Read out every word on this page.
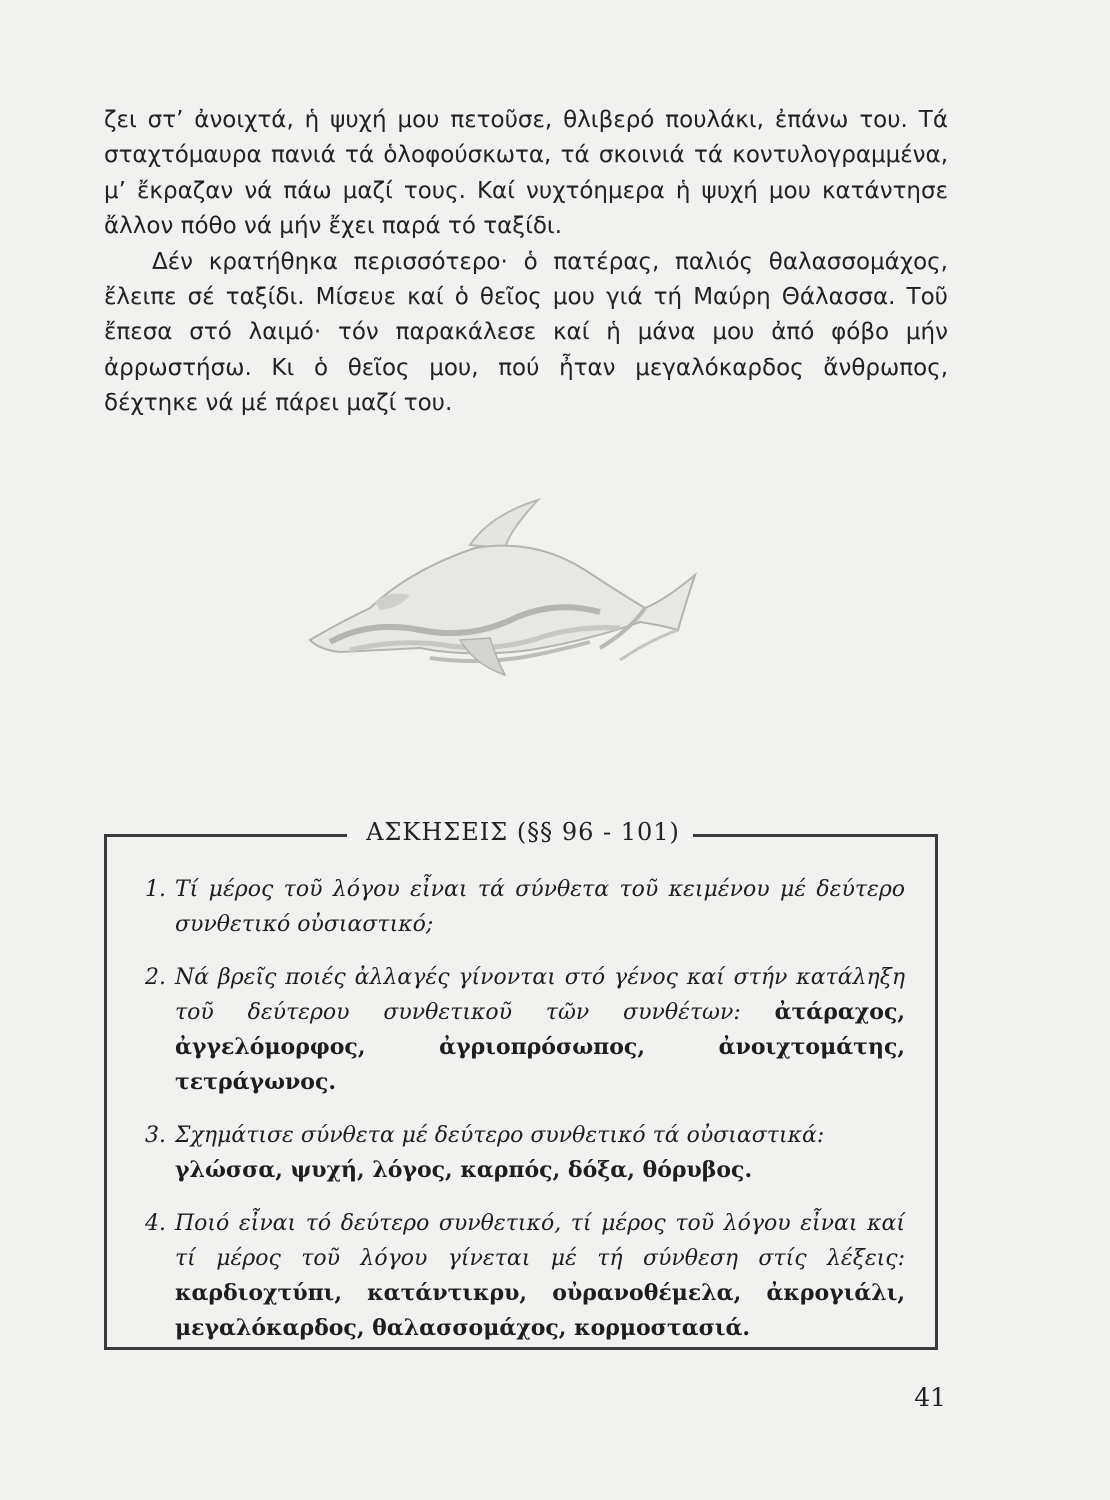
ζει στ’ ἀνοιχτά, ἡ ψυχή μου πετοῦσε, θλιβερό πουλάκι, ἐπάνω του. Τά σταχτόμαυρα πανιά τά ὁλοφούσκωτα, τά σκοινιά τά κοντυλογραμμένα, μ’ ἔκραζαν νά πάω μαζί τους. Καί νυχτόημερα ἡ ψυχή μου κατάντησε ἄλλον πόθο νά μήν ἔχει παρά τό ταξίδι.

Δέν κρατήθηκα περισσότερο· ὁ πατέρας, παλιός θαλασσομάχος, ἔλειπε σέ ταξίδι. Μίσευε καί ὁ θεῖος μου γιά τή Μαύρη Θάλασσα. Τοῦ ἔπεσα στό λαιμό· τόν παρακάλεσε καί ἡ μάνα μου ἀπό φόβο μήν ἀρρωστήσω. Κι ὁ θεῖος μου, πού ἦταν μεγαλόκαρδος ἄνθρωπος, δέχτηκε νά μέ πάρει μαζί του.

ΑΣΚΗΣΕΙΣ (§§ 96 - 101)
1. Τί μέρος τοῦ λόγου εἶναι τά σύνθετα τοῦ κειμένου μέ δεύτερο συνθετικό οὐσιαστικό;
2. Νά βρεῖς ποιές ἀλλαγές γίνονται στό γένος καί στήν κατάληξη τοῦ δεύτερου συνθετικοῦ τῶν συνθέτων: ἀτάραχος, ἀγγελόμορφος, ἀγριοπρόσωπος, ἀνοιχτομάτης, τετράγωνος.
3. Σχημάτισε σύνθετα μέ δεύτερο συνθετικό τά οὐσιαστικά:
γλώσσα, ψυχή, λόγος, καρπός, δόξα, θόρυβος.
4. Ποιό εἶναι τό δεύτερο συνθετικό, τί μέρος τοῦ λόγου εἶναι καί τί μέρος τοῦ λόγου γίνεται μέ τή σύνθεση στίς λέξεις: καρδιοχτύπι, κατάντικρυ, οὐρανοθέμελα, ἀκρογιάλι, μεγαλόκαρδος, θαλασσομάχος, κορμοστασιά.
41
